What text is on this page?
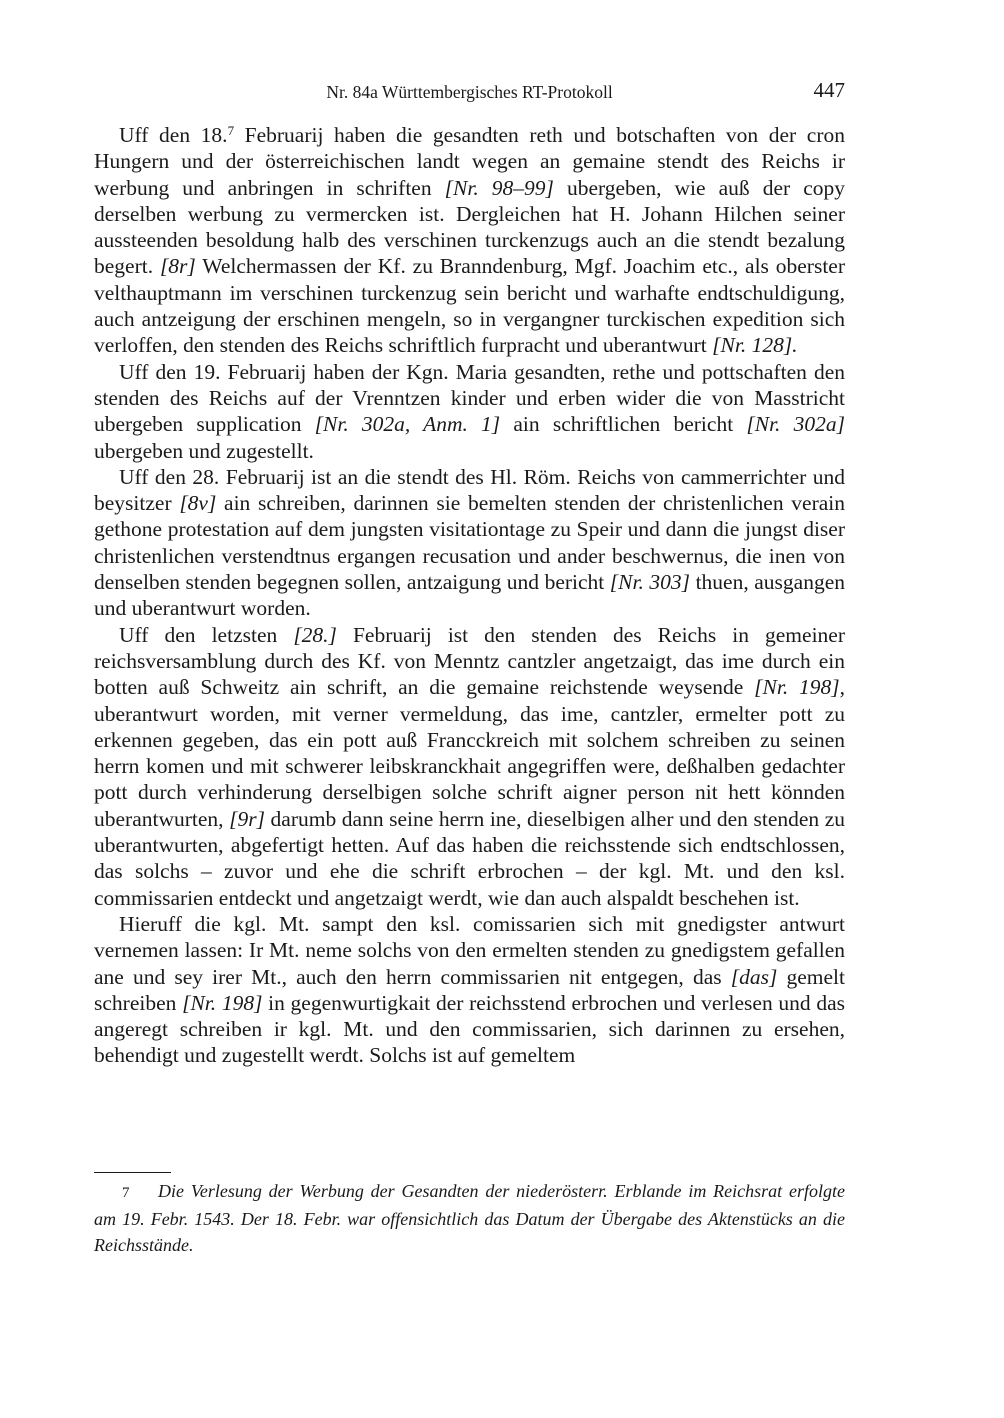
Nr. 84a Württembergisches RT-Protokoll	447

Uff den 18.$^7$ Februarij haben die gesandten reth und botschaften von der cron Hungern und der österreichischen landt wegen an gemaine stendt des Reichs ir werbung und anbringen in schriften [Nr. 98–99] ubergeben, wie auß der copy derselben werbung zu vermercken ist. Dergleichen hat H. Johann Hilchen seiner aussteenden besoldung halb des verschinen turckenzugs auch an die stendt bezalung begert. [8r] Welchermassen der Kf. zu Branndenburg, Mgf. Joachim etc., als oberster velthauptmann im verschinen turckenzug sein bericht und warhafte endtschuldigung, auch antzeigung der erschinen mengeln, so in vergangner turckischen expedition sich verloffen, den stenden des Reichs schriftlich furpracht und uberantwurt [Nr. 128].

Uff den 19. Februarij haben der Kgn. Maria gesandten, rethe und pottschaften den stenden des Reichs auf der Vrenntzen kinder und erben wider die von Masstricht ubergeben supplication [Nr. 302a, Anm. 1] ain schriftlichen bericht [Nr. 302a] ubergeben und zugestellt.

Uff den 28. Februarij ist an die stendt des Hl. Röm. Reichs von cammerrichter und beysitzer [8v] ain schreiben, darinnen sie bemelten stenden der christenlichen verain gethone protestation auf dem jungsten visitationtage zu Speir und dann die jungst diser christenlichen verstendtnus ergangen recusation und ander beschwernus, die inen von denselben stenden begegnen sollen, antzaigung und bericht [Nr. 303] thuen, ausgangen und uberantwurt worden.

Uff den letzsten [28.] Februarij ist den stenden des Reichs in gemeiner reichsversamblung durch des Kf. von Menntz cantzler angetzaigt, das ime durch ein botten auß Schweitz ain schrift, an die gemaine reichstende weysende [Nr. 198], uberantwurt worden, mit verner vermeldung, das ime, cantzler, ermelter pott zu erkennen gegeben, das ein pott auß Francckreich mit solchem schreiben zu seinen herrn komen und mit schwerer leibskranckhait angegriffen were, deßhalben gedachter pott durch verhinderung derselbigen solche schrift aigner person nit hett könnden uberantwurten, [9r] darumb dann seine herrn ine, dieselbigen alher und den stenden zu uberantwurten, abgefertigt hetten. Auf das haben die reichsstende sich endtschlossen, das solchs – zuvor und ehe die schrift erbrochen – der kgl. Mt. und den ksl. commissarien entdeckt und angetzaigt werdt, wie dan auch alspaldt beschehen ist.

Hieruff die kgl. Mt. sampt den ksl. comissarien sich mit gnedigster antwurt vernemen lassen: Ir Mt. neme solchs von den ermelten stenden zu gnedigstem gefallen ane und sey irer Mt., auch den herrn commissarien nit entgegen, das [das] gemelt schreiben [Nr. 198] in gegenwurtigkait der reichsstend erbrochen und verlesen und das angeregt schreiben ir kgl. Mt. und den commissarien, sich darinnen zu ersehen, behendigt und zugestellt werdt. Solchs ist auf gemeltem

7 Die Verlesung der Werbung der Gesandten der niederösterr. Erblande im Reichsrat erfolgte am 19. Febr. 1543. Der 18. Febr. war offensichtlich das Datum der Übergabe des Aktenstücks an die Reichsstände.
